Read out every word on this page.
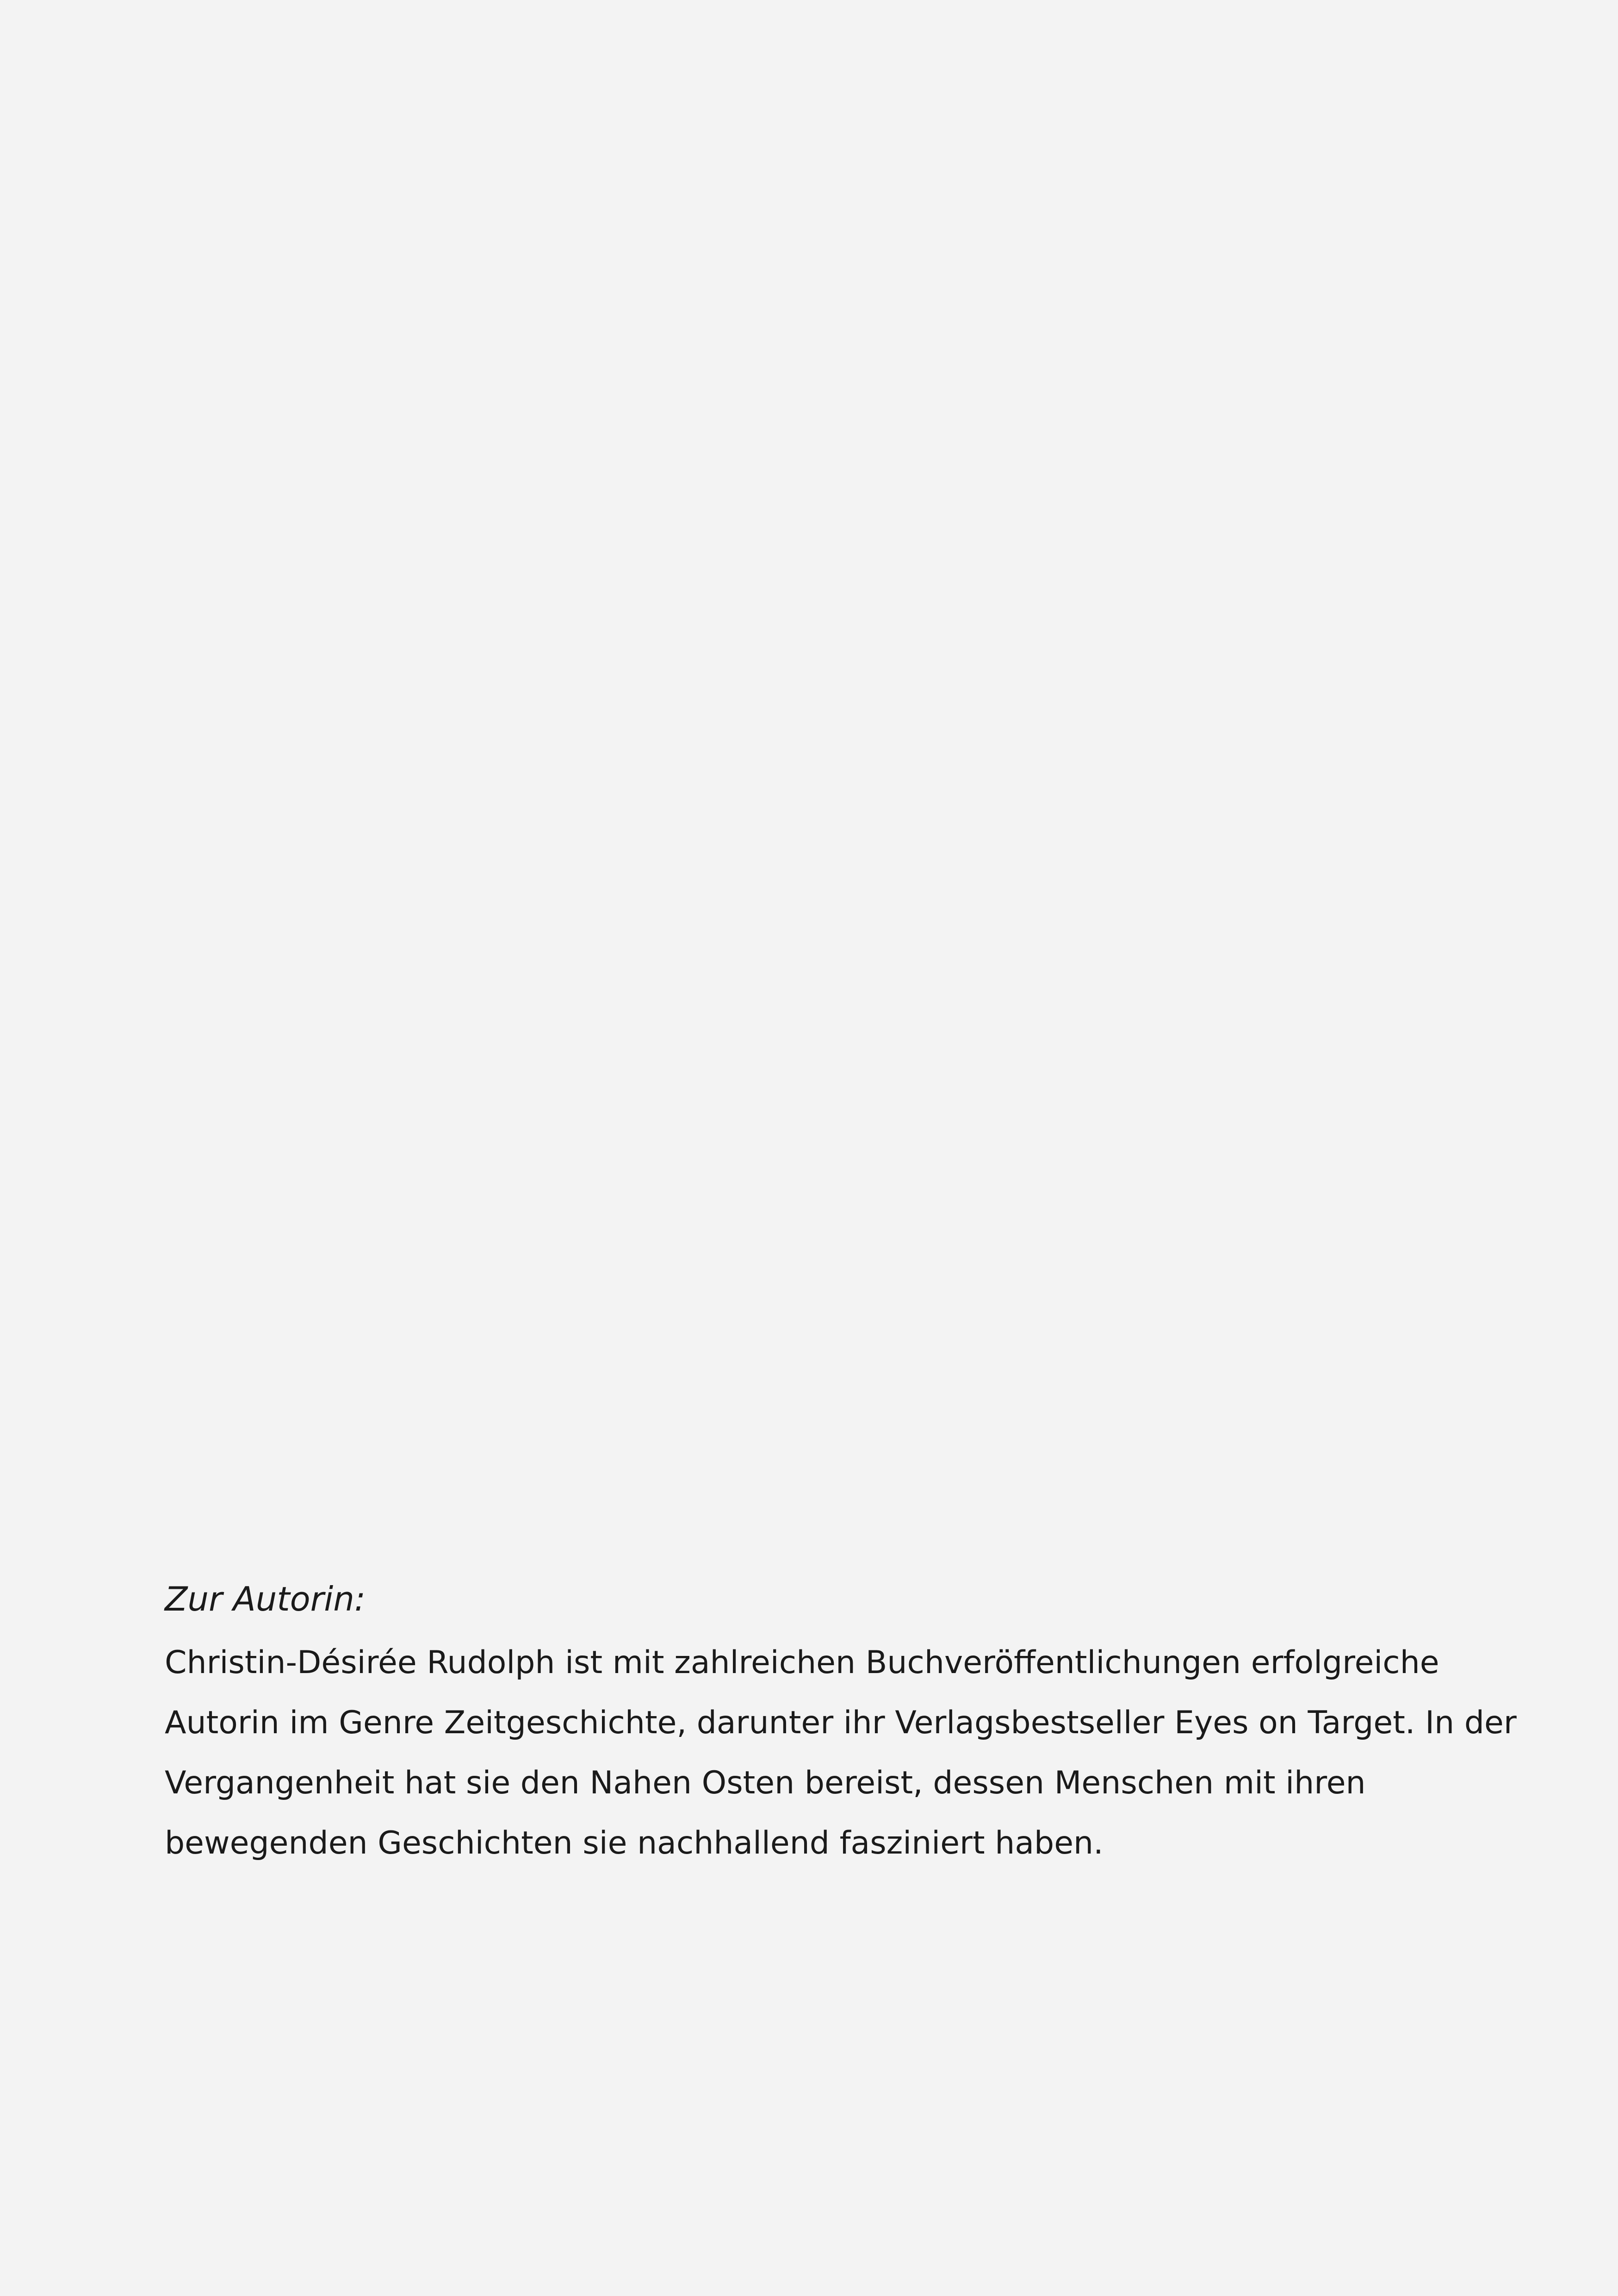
Zur Autorin:

Christin-Désirée Rudolph ist mit zahlreichen Buchveröffentlichungen erfolgreiche
Autorin im Genre Zeitgeschichte, darunter ihr Verlagsbestseller Eyes on Target. In der
Vergangenheit hat sie den Nahen Osten bereist, dessen Menschen mit ihren
bewegenden Geschichten sie nachhallend fasziniert haben.
